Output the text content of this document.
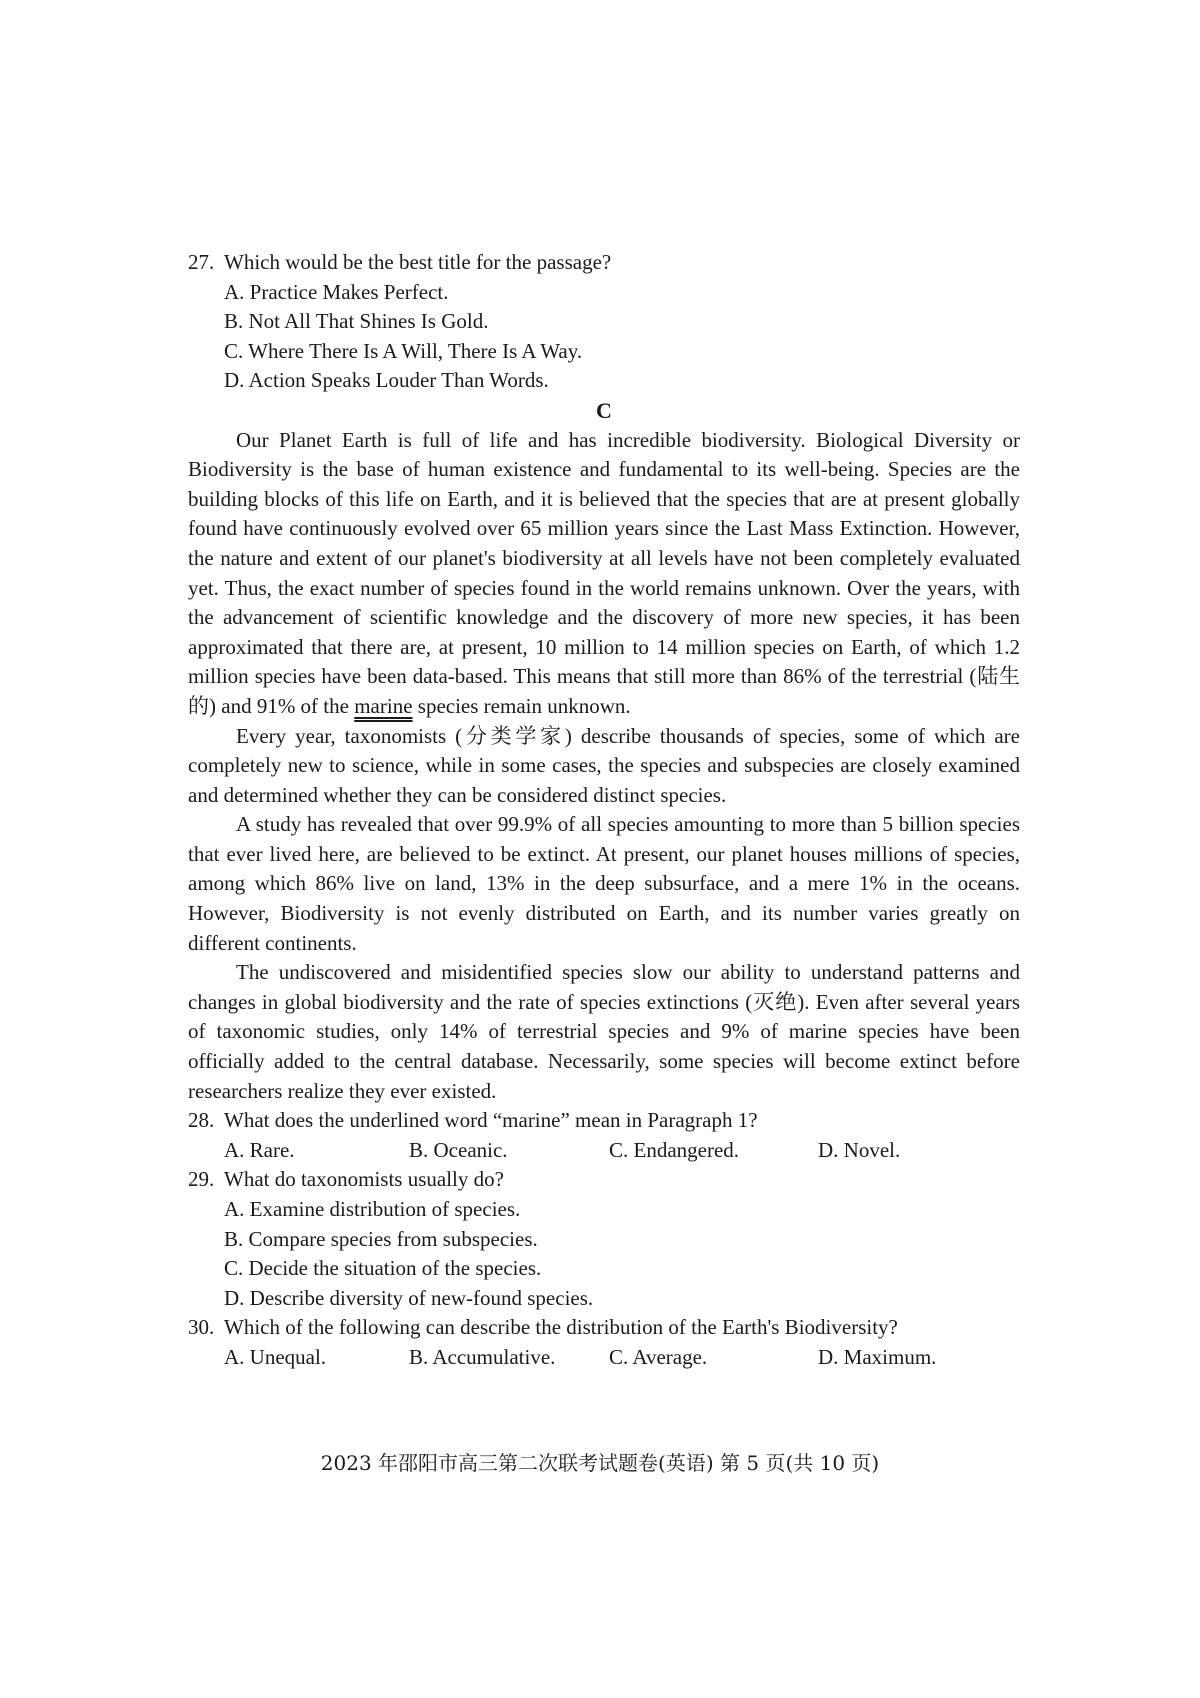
27. Which would be the best title for the passage?
A. Practice Makes Perfect.
B. Not All That Shines Is Gold.
C. Where There Is A Will, There Is A Way.
D. Action Speaks Louder Than Words.
C

Our Planet Earth is full of life and has incredible biodiversity. Biological Diversity or Biodiversity is the base of human existence and fundamental to its well-being. Species are the building blocks of this life on Earth, and it is believed that the species that are at present globally found have continuously evolved over 65 million years since the Last Mass Extinction. However, the nature and extent of our planet's biodiversity at all levels have not been completely evaluated yet. Thus, the exact number of species found in the world remains unknown. Over the years, with the advancement of scientific knowledge and the discovery of more new species, it has been approximated that there are, at present, 10 million to 14 million species on Earth, of which 1.2 million species have been data-based. This means that still more than 86% of the terrestrial (陆生的) and 91% of the marine species remain unknown.

Every year, taxonomists (分类学家) describe thousands of species, some of which are completely new to science, while in some cases, the species and subspecies are closely examined and determined whether they can be considered distinct species.

A study has revealed that over 99.9% of all species amounting to more than 5 billion species that ever lived here, are believed to be extinct. At present, our planet houses millions of species, among which 86% live on land, 13% in the deep subsurface, and a mere 1% in the oceans. However, Biodiversity is not evenly distributed on Earth, and its number varies greatly on different continents.

The undiscovered and misidentified species slow our ability to understand patterns and changes in global biodiversity and the rate of species extinctions (灭绝). Even after several years of taxonomic studies, only 14% of terrestrial species and 9% of marine species have been officially added to the central database. Necessarily, some species will become extinct before researchers realize they ever existed.

28. What does the underlined word “marine” mean in Paragraph 1?
A. Rare.	B. Oceanic.	C. Endangered.	D. Novel.
29. What do taxonomists usually do?
A. Examine distribution of species.
B. Compare species from subspecies.
C. Decide the situation of the species.
D. Describe diversity of new-found species.
30. Which of the following can describe the distribution of the Earth's Biodiversity?
A. Unequal.	B. Accumulative.	C. Average.	D. Maximum.
2023 年邵阳市高三第二次联考试题卷(英语) 第 5 页(共 10 页)
